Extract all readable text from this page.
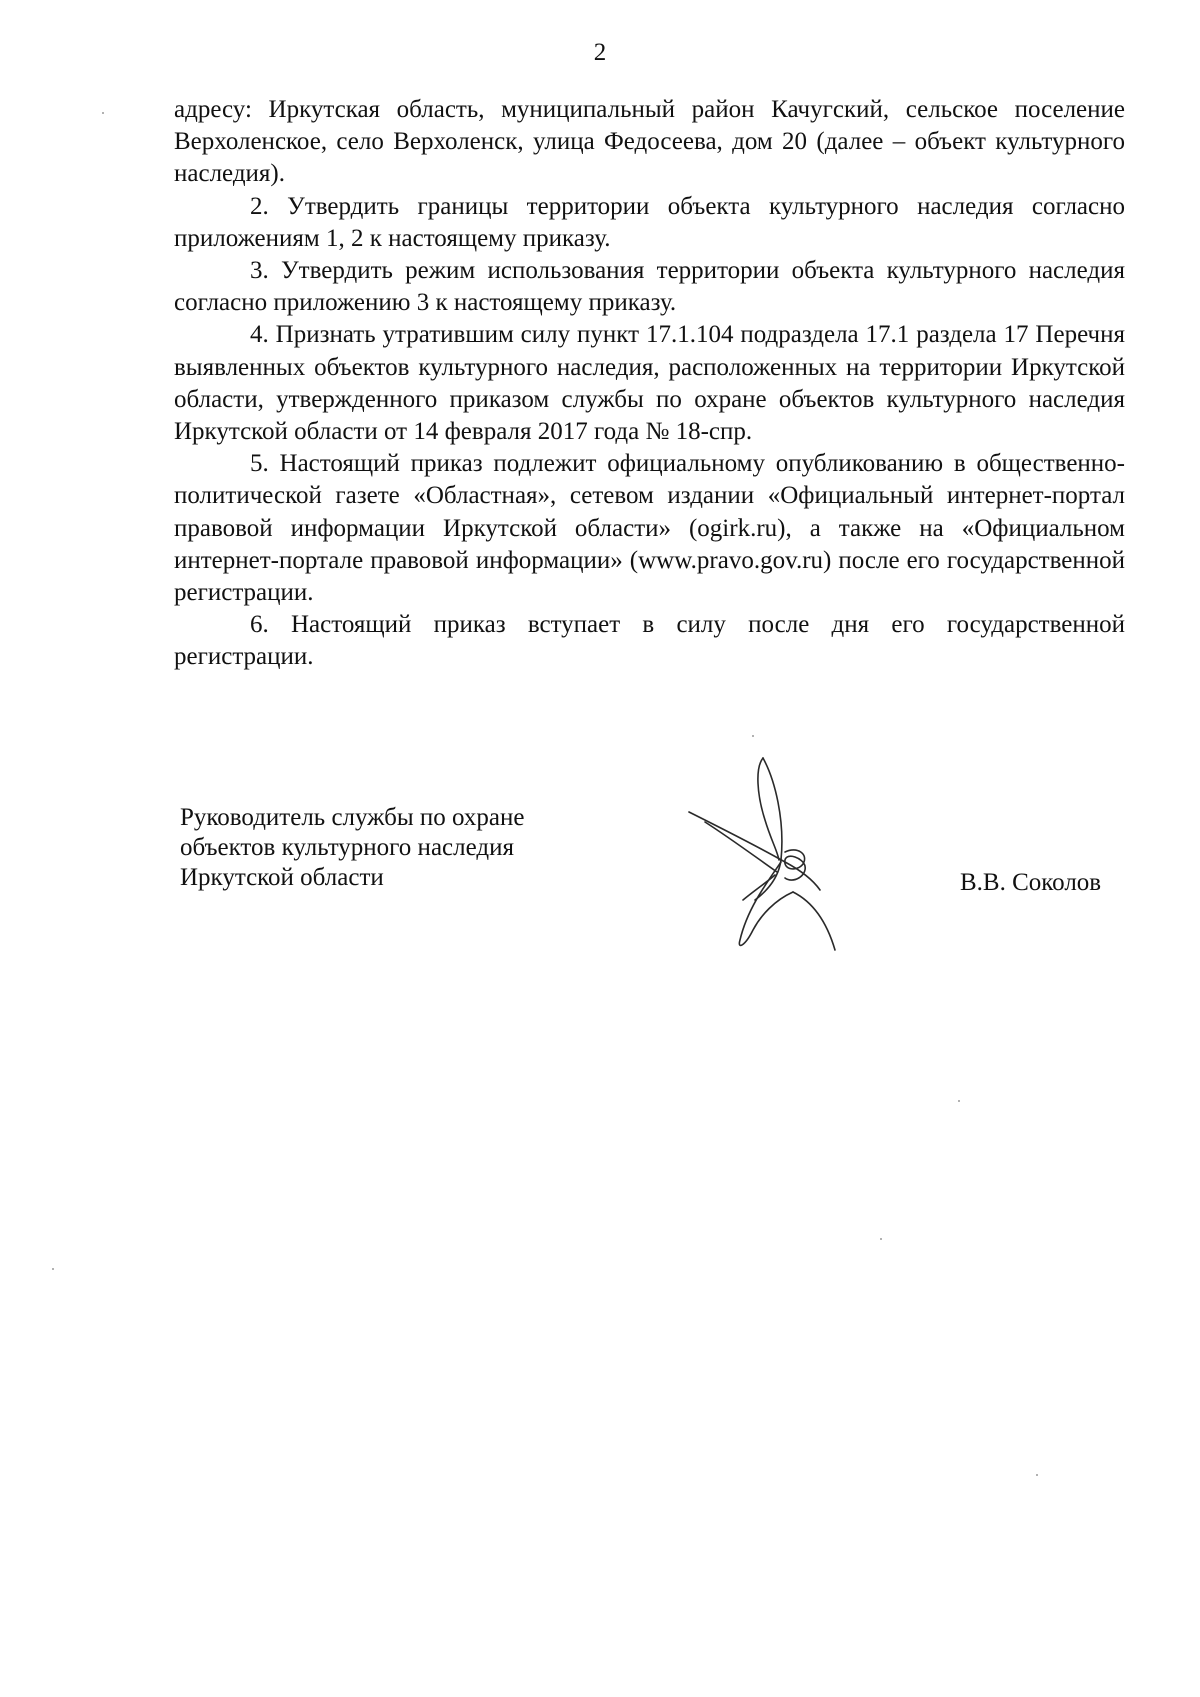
2

адресу: Иркутская область, муниципальный район Качугский, сельское поселение Верхоленское, село Верхоленск, улица Федосеева, дом 20 (далее – объект культурного наследия).

2. Утвердить границы территории объекта культурного наследия согласно приложениям 1, 2 к настоящему приказу.

3. Утвердить режим использования территории объекта культурного наследия согласно приложению 3 к настоящему приказу.

4. Признать утратившим силу пункт 17.1.104 подраздела 17.1 раздела 17 Перечня выявленных объектов культурного наследия, расположенных на территории Иркутской области, утвержденного приказом службы по охране объектов культурного наследия Иркутской области от 14 февраля 2017 года № 18-спр.

5. Настоящий приказ подлежит официальному опубликованию в общественно-политической газете «Областная», сетевом издании «Официальный интернет-портал правовой информации Иркутской области» (ogirk.ru), а также на «Официальном интернет-портале правовой информации» (www.pravo.gov.ru) после его государственной регистрации.

6. Настоящий приказ вступает в силу после дня его государственной регистрации.

Руководитель службы по охране
объектов культурного наследия
Иркутской области	В.В. Соколов
